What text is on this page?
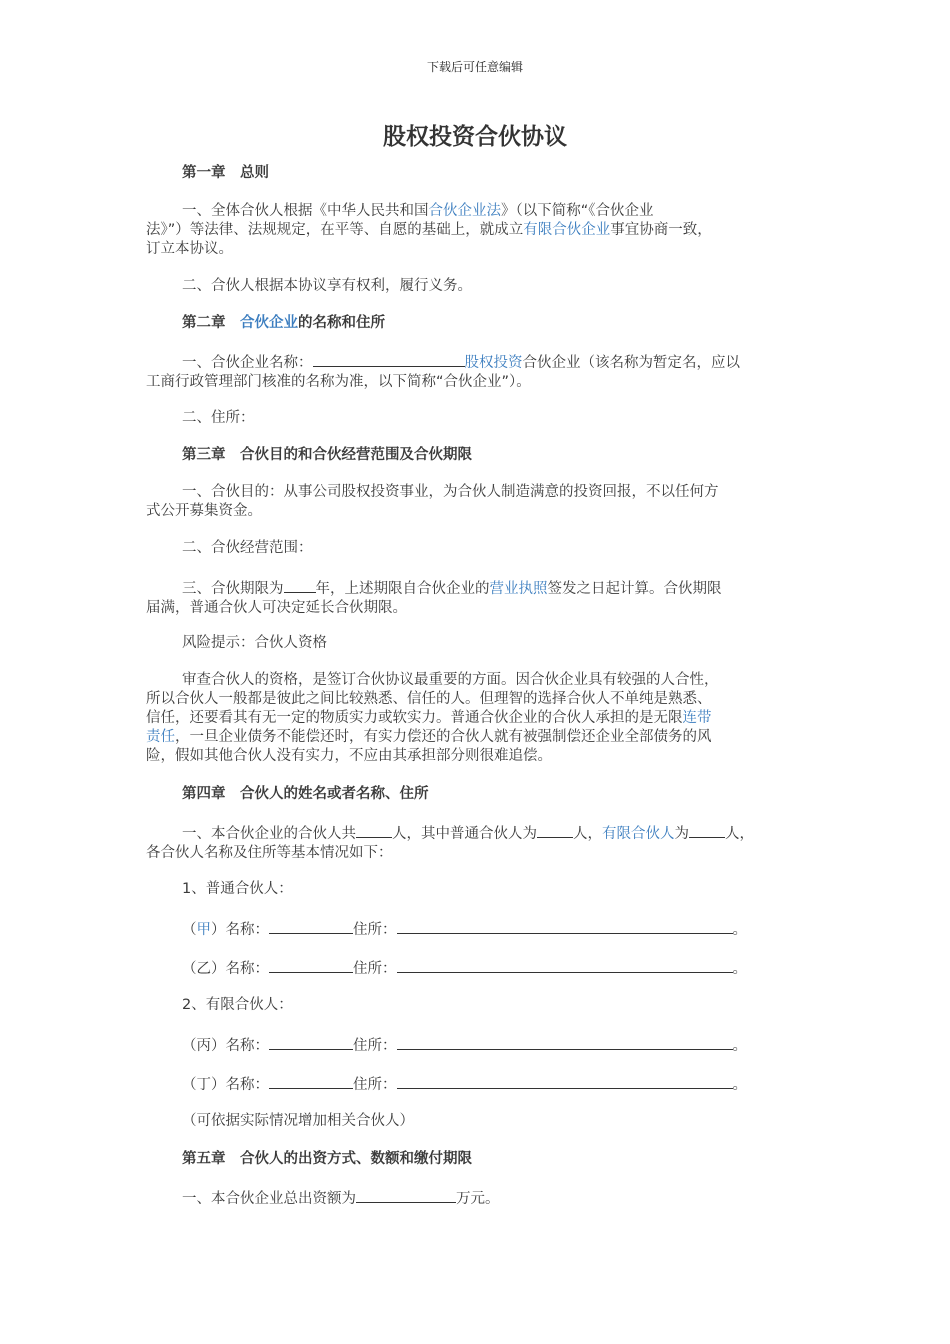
下载后可任意编辑
股权投资合伙协议
第一章　总则
一、全体合伙人根据《中华人民共和国合伙企业法》（以下简称“《合伙企业
法》”）等法律、法规规定，在平等、自愿的基础上，就成立有限合伙企业事宜协商一致，
订立本协议。
二、合伙人根据本协议享有权利，履行义务。
第二章　合伙企业的名称和住所
一、合伙企业名称：	股权投资合伙企业（该名称为暂定名，应以
工商行政管理部门核准的名称为准，以下简称“合伙企业”）。
二、住所：
第三章　合伙目的和合伙经营范围及合伙期限
一、合伙目的：从事公司股权投资事业，为合伙人制造满意的投资回报，不以任何方
式公开募集资金。
二、合伙经营范围：
三、合伙期限为 年，上述期限自合伙企业的营业执照签发之日起计算。合伙期限
届满，普通合伙人可决定延长合伙期限。
风险提示：合伙人资格
审查合伙人的资格，是签订合伙协议最重要的方面。因合伙企业具有较强的人合性，
所以合伙人一般都是彼此之间比较熟悉、信任的人。但理智的选择合伙人不单纯是熟悉、
信任，还要看其有无一定的物质实力或软实力。普通合伙企业的合伙人承担的是无限连带
责任，一旦企业债务不能偿还时，有实力偿还的合伙人就有被强制偿还企业全部债务的风
险，假如其他合伙人没有实力，不应由其承担部分则很难追偿。
第四章　合伙人的姓名或者名称、住所
一、本合伙企业的合伙人共 人，其中普通合伙人为 人，有限合伙人为 人，
各合伙人名称及住所等基本情况如下：
1、普通合伙人：
（甲）名称：	住所：	。
（乙）名称：	住所：	。
2、有限合伙人：
（丙）名称：	住所：	。
（丁）名称：	住所：	。
（可依据实际情况增加相关合伙人）
第五章　合伙人的出资方式、数额和缴付期限
一、本合伙企业总出资额为	万元。
